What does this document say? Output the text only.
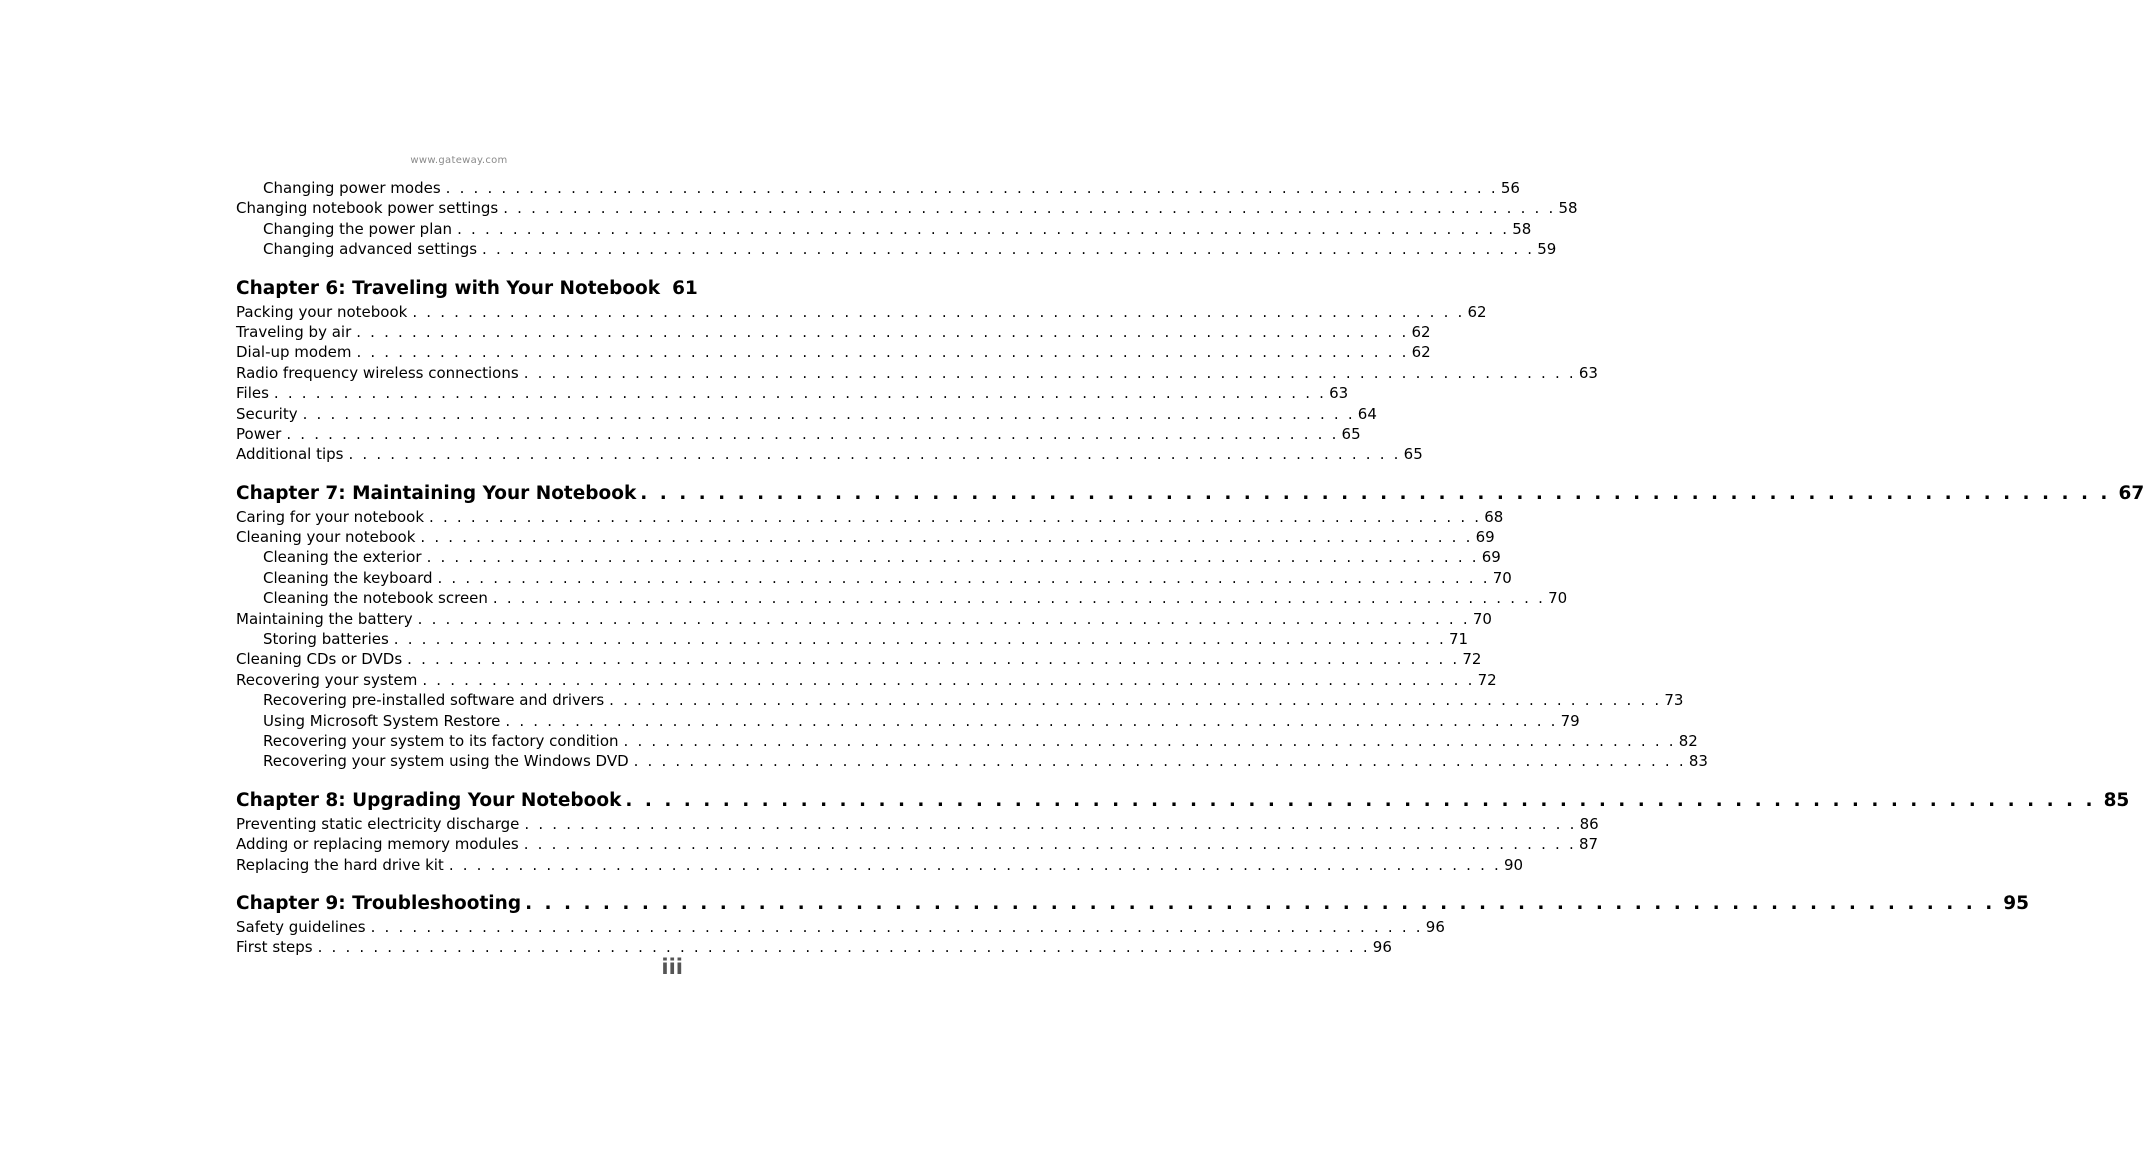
www.gateway.com
Changing power modes . . . . . . . . . . . . . . . . . . . . . . . . . . . . . . . . . . . . . . . . . . . . . . . . . . . . . . . . . . . . . . . . . . . . . . . . . . . . 56
Changing notebook power settings . . . . . . . . . . . . . . . . . . . . . . . . . . . . . . . . . . . . . . . . . . . . . . . . . . . . . . . . . . . . . . . . . . . . . . . . . . . . 58
Changing the power plan . . . . . . . . . . . . . . . . . . . . . . . . . . . . . . . . . . . . . . . . . . . . . . . . . . . . . . . . . . . . . . . . . . . . . . . . . . . . 58
Changing advanced settings . . . . . . . . . . . . . . . . . . . . . . . . . . . . . . . . . . . . . . . . . . . . . . . . . . . . . . . . . . . . . . . . . . . . . . . . . . . . 59
Chapter 6: Traveling with Your Notebook 61
Packing your notebook . . . . . . . . . . . . . . . . . . . . . . . . . . . . . . . . . . . . . . . . . . . . . . . . . . . . . . . . . . . . . . . . . . . . . . . . . . . . 62
Traveling by air . . . . . . . . . . . . . . . . . . . . . . . . . . . . . . . . . . . . . . . . . . . . . . . . . . . . . . . . . . . . . . . . . . . . . . . . . . . . 62
Dial-up modem . . . . . . . . . . . . . . . . . . . . . . . . . . . . . . . . . . . . . . . . . . . . . . . . . . . . . . . . . . . . . . . . . . . . . . . . . . . . 62
Radio frequency wireless connections . . . . . . . . . . . . . . . . . . . . . . . . . . . . . . . . . . . . . . . . . . . . . . . . . . . . . . . . . . . . . . . . . . . . . . . . . . . . 63
Files . . . . . . . . . . . . . . . . . . . . . . . . . . . . . . . . . . . . . . . . . . . . . . . . . . . . . . . . . . . . . . . . . . . . . . . . . . . . 63
Security . . . . . . . . . . . . . . . . . . . . . . . . . . . . . . . . . . . . . . . . . . . . . . . . . . . . . . . . . . . . . . . . . . . . . . . . . . . . 64
Power . . . . . . . . . . . . . . . . . . . . . . . . . . . . . . . . . . . . . . . . . . . . . . . . . . . . . . . . . . . . . . . . . . . . . . . . . . . . 65
Additional tips . . . . . . . . . . . . . . . . . . . . . . . . . . . . . . . . . . . . . . . . . . . . . . . . . . . . . . . . . . . . . . . . . . . . . . . . . . . . 65
Chapter 7: Maintaining Your Notebook . . . . . . . . . . . . . . . . . . . . . . . . . . . . . . . . . . . . . . . . . . . . . . . . . . . . . . . . . . . . . . . . . . . . . . . . . . . . 67
Caring for your notebook . . . . . . . . . . . . . . . . . . . . . . . . . . . . . . . . . . . . . . . . . . . . . . . . . . . . . . . . . . . . . . . . . . . . . . . . . . . . 68
Cleaning your notebook . . . . . . . . . . . . . . . . . . . . . . . . . . . . . . . . . . . . . . . . . . . . . . . . . . . . . . . . . . . . . . . . . . . . . . . . . . . . 69
Cleaning the exterior . . . . . . . . . . . . . . . . . . . . . . . . . . . . . . . . . . . . . . . . . . . . . . . . . . . . . . . . . . . . . . . . . . . . . . . . . . . . 69
Cleaning the keyboard . . . . . . . . . . . . . . . . . . . . . . . . . . . . . . . . . . . . . . . . . . . . . . . . . . . . . . . . . . . . . . . . . . . . . . . . . . . . 70
Cleaning the notebook screen . . . . . . . . . . . . . . . . . . . . . . . . . . . . . . . . . . . . . . . . . . . . . . . . . . . . . . . . . . . . . . . . . . . . . . . . . . . . 70
Maintaining the battery . . . . . . . . . . . . . . . . . . . . . . . . . . . . . . . . . . . . . . . . . . . . . . . . . . . . . . . . . . . . . . . . . . . . . . . . . . . . 70
Storing batteries . . . . . . . . . . . . . . . . . . . . . . . . . . . . . . . . . . . . . . . . . . . . . . . . . . . . . . . . . . . . . . . . . . . . . . . . . . . . 71
Cleaning CDs or DVDs . . . . . . . . . . . . . . . . . . . . . . . . . . . . . . . . . . . . . . . . . . . . . . . . . . . . . . . . . . . . . . . . . . . . . . . . . . . . 72
Recovering your system . . . . . . . . . . . . . . . . . . . . . . . . . . . . . . . . . . . . . . . . . . . . . . . . . . . . . . . . . . . . . . . . . . . . . . . . . . . . 72
Recovering pre-installed software and drivers . . . . . . . . . . . . . . . . . . . . . . . . . . . . . . . . . . . . . . . . . . . . . . . . . . . . . . . . . . . . . . . . . . . . . . . . . . . . 73
Using Microsoft System Restore . . . . . . . . . . . . . . . . . . . . . . . . . . . . . . . . . . . . . . . . . . . . . . . . . . . . . . . . . . . . . . . . . . . . . . . . . . . . 79
Recovering your system to its factory condition . . . . . . . . . . . . . . . . . . . . . . . . . . . . . . . . . . . . . . . . . . . . . . . . . . . . . . . . . . . . . . . . . . . . . . . . . . . . 82
Recovering your system using the Windows DVD . . . . . . . . . . . . . . . . . . . . . . . . . . . . . . . . . . . . . . . . . . . . . . . . . . . . . . . . . . . . . . . . . . . . . . . . . . . . 83
Chapter 8: Upgrading Your Notebook . . . . . . . . . . . . . . . . . . . . . . . . . . . . . . . . . . . . . . . . . . . . . . . . . . . . . . . . . . . . . . . . . . . . . . . . . . . . 85
Preventing static electricity discharge . . . . . . . . . . . . . . . . . . . . . . . . . . . . . . . . . . . . . . . . . . . . . . . . . . . . . . . . . . . . . . . . . . . . . . . . . . . . 86
Adding or replacing memory modules . . . . . . . . . . . . . . . . . . . . . . . . . . . . . . . . . . . . . . . . . . . . . . . . . . . . . . . . . . . . . . . . . . . . . . . . . . . . 87
Replacing the hard drive kit . . . . . . . . . . . . . . . . . . . . . . . . . . . . . . . . . . . . . . . . . . . . . . . . . . . . . . . . . . . . . . . . . . . . . . . . . . . . 90
Chapter 9: Troubleshooting . . . . . . . . . . . . . . . . . . . . . . . . . . . . . . . . . . . . . . . . . . . . . . . . . . . . . . . . . . . . . . . . . . . . . . . . . . . . 95
Safety guidelines . . . . . . . . . . . . . . . . . . . . . . . . . . . . . . . . . . . . . . . . . . . . . . . . . . . . . . . . . . . . . . . . . . . . . . . . . . . . 96
First steps . . . . . . . . . . . . . . . . . . . . . . . . . . . . . . . . . . . . . . . . . . . . . . . . . . . . . . . . . . . . . . . . . . . . . . . . . . . . 96
iii
